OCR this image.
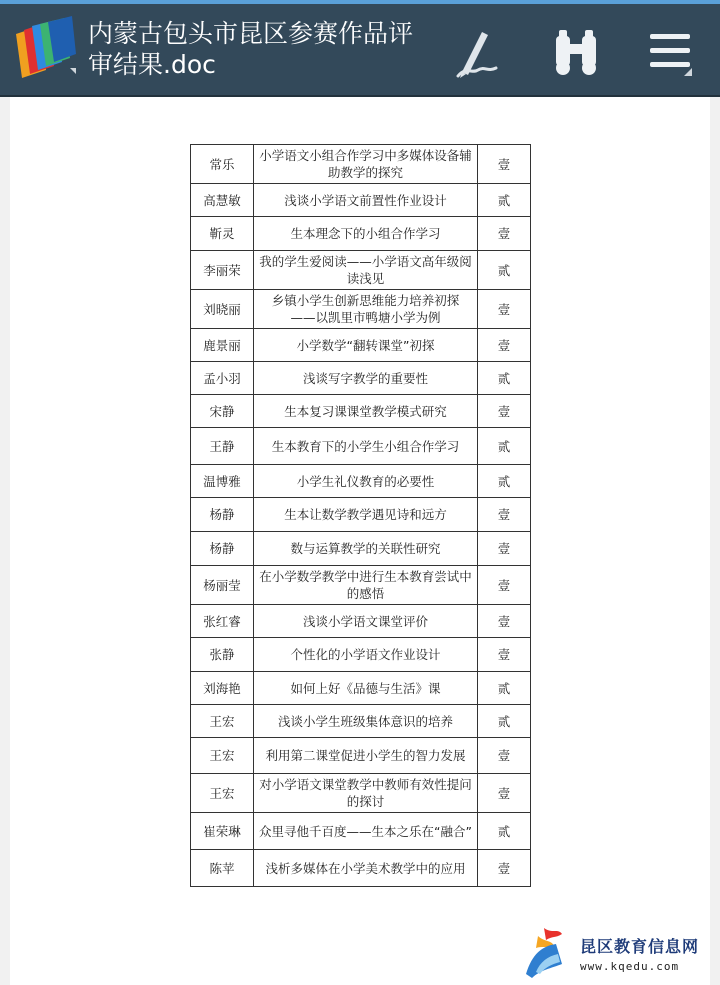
内蒙古包头市昆区参赛作品评审结果.doc
常乐	小学语文小组合作学习中多媒体设备辅助教学的探究	壹
高慧敏	浅谈小学语文前置性作业设计	贰
靳灵	生本理念下的小组合作学习	壹
李丽荣	我的学生爱阅读——小学语文高年级阅读浅见	贰
刘晓丽	乡镇小学生创新思维能力培养初探 ——以凯里市鸭塘小学为例	壹
鹿景丽	小学数学“翻转课堂”初探	壹
孟小羽	浅谈写字教学的重要性	贰
宋静	生本复习课课堂教学模式研究	壹
王静	生本教育下的小学生小组合作学习	贰
温博雅	小学生礼仪教育的必要性	贰
杨静	生本让数学教学遇见诗和远方	壹
杨静	数与运算教学的关联性研究	壹
杨丽莹	在小学数学教学中进行生本教育尝试中的感悟	壹
张红睿	浅谈小学语文课堂评价	壹
张静	个性化的小学语文作业设计	壹
刘海艳	如何上好《品德与生活》课	贰
王宏	浅谈小学生班级集体意识的培养	贰
王宏	利用第二课堂促进小学生的智力发展	壹
王宏	对小学语文课堂教学中教师有效性提问的探讨	壹
崔荣琳	众里寻他千百度——生本之乐在“融合”	贰
陈苹	浅析多媒体在小学美术教学中的应用	壹
昆区教育信息网
www.kqedu.com
